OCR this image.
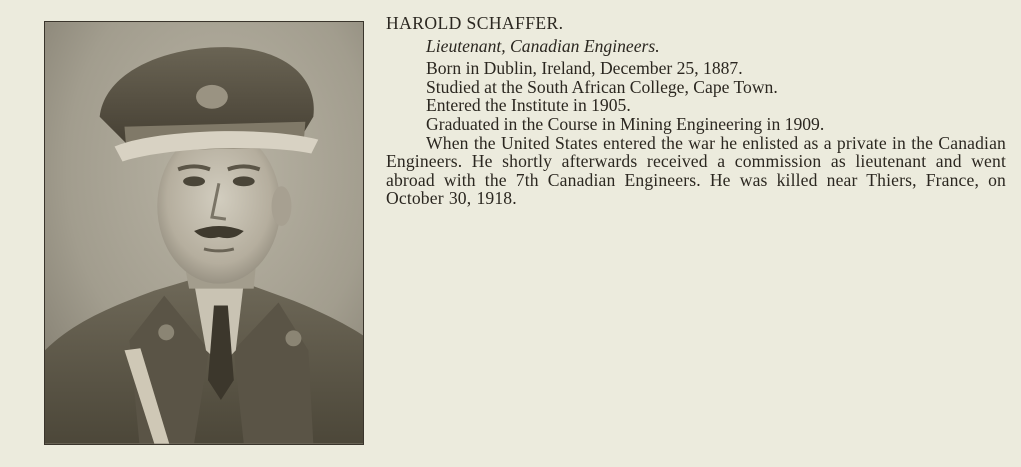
HAROLD SCHAFFER.
Lieutenant, Canadian Engineers.
Born in Dublin, Ireland, December 25, 1887.
Studied at the South African College, Cape Town.
Entered the Institute in 1905.
Graduated in the Course in Mining Engineering in 1909.

When the United States entered the war he enlisted as a private in the Canadian Engineers. He shortly afterwards received a commission as lieutenant and went abroad with the 7th Canadian Engineers. He was killed near Thiers, France, on October 30, 1918.
